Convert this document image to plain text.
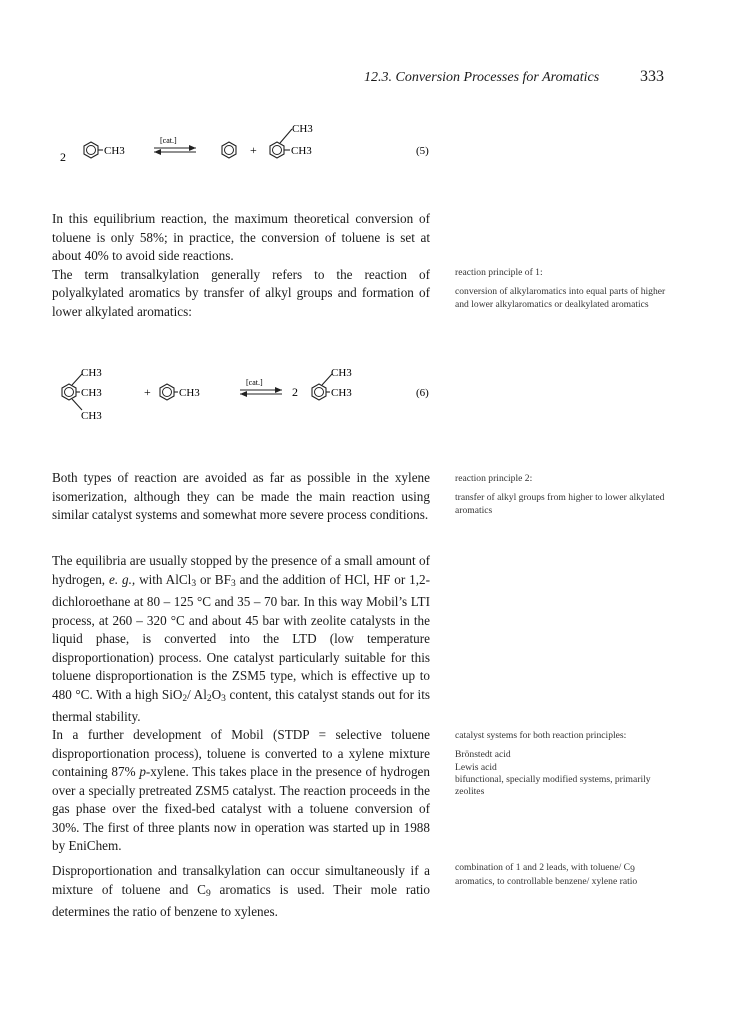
12.3. Conversion Processes for Aromatics	333
2	CH3
[cat.]
+
CH3
CH3	(5)

In this equilibrium reaction, the maximum theoretical conversion of toluene is only 58%; in practice, the conversion of toluene is set at about 40% to avoid side reactions.

The term transalkylation generally refers to the reaction of polyalkylated aromatics by transfer of alkyl groups and formation of lower alkylated aromatics:

reaction principle of 1:

conversion of alkylaromatics into equal parts of higher and lower alkylaromatics or dealkylated aromatics

CH3
CH3
CH3
+	CH3
[cat.]
2
CH3
CH3	(6)

Both types of reaction are avoided as far as possible in the xylene isomerization, although they can be made the main reaction using similar catalyst systems and somewhat more severe process conditions.

reaction principle 2:

transfer of alkyl groups from higher to lower alkylated aromatics

The equilibria are usually stopped by the presence of a small amount of hydrogen, e. g., with AlCl$_3$ or $BF_3$ and the addition of HCl, HF or 1,2-dichloroethane at 80 – 125 °C and 35 – 70 bar. In this way Mobil’s LTI process, at 260 – 320 °C and about 45 bar with zeolite catalysts in the liquid phase, is converted into the LTD (low temperature disproportionation) process. One catalyst particularly suitable for this toluene disproportionation is the ZSM5 type, which is effective up to 480 °C. With a high SiO$_2$/ $Al_2O_3$ content, this catalyst stands out for its thermal stability.

In a further development of Mobil (STDP = selective toluene disproportionation process), toluene is converted to a xylene mixture containing 87% p-xylene. This takes place in the presence of hydrogen over a specially pretreated ZSM5 catalyst. The reaction proceeds in the gas phase over the fixed-bed catalyst with a toluene conversion of 30%. The first of three plants now in operation was started up in 1988 by EniChem.

catalyst systems for both reaction principles:

Brönstedt acid

Lewis acid

bifunctional, specially modified systems, primarily zeolites

Disproportionation and transalkylation can occur simultaneously if a mixture of toluene and $C_9$ aromatics is used. Their mole ratio determines the ratio of benzene to xylenes.

combination of 1 and 2 leads, with toluene/ C9 aromatics, to controllable benzene/ xylene ratio
